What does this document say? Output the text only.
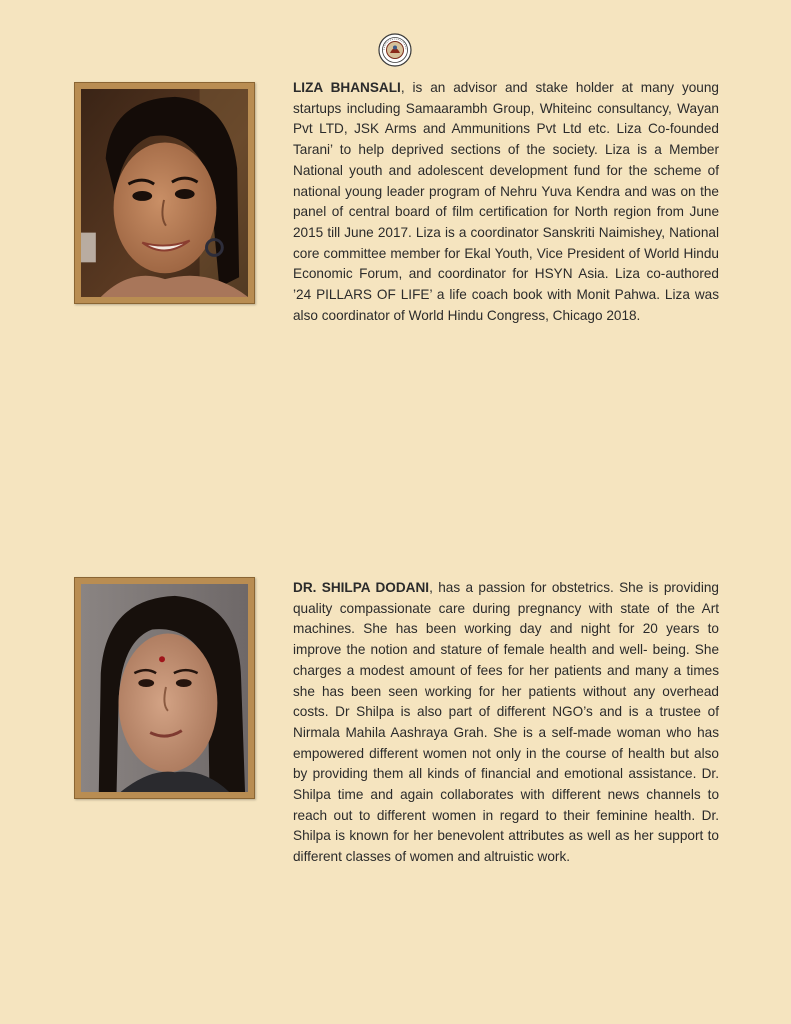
LIZA BHANSALI, is an advisor and stake holder at many young startups including Samaarambh Group, Whiteinc consultancy, Wayan Pvt LTD, JSK Arms and Ammunitions Pvt Ltd etc. Liza Co-founded Tarani’ to help deprived sections of the society. Liza is a Member National youth and adolescent development fund for the scheme of national young leader program of Nehru Yuva Kendra and was on the panel of central board of film certification for North region from June 2015 till June 2017. Liza is a coordinator Sanskriti Naimishey, National core committee member for Ekal Youth, Vice President of World Hindu Economic Forum, and coordinator for HSYN Asia. Liza co-authored ’24 PILLARS OF LIFE’ a life coach book with Monit Pahwa. Liza was also coordinator of World Hindu Congress, Chicago 2018.

DR. SHILPA DODANI, has a passion for obstetrics. She is providing quality compassionate care during pregnancy with state of the Art machines. She has been working day and night for 20 years to improve the notion and stature of female health and well- being. She charges a modest amount of fees for her patients and many a times she has been seen working for her patients without any overhead costs. Dr Shilpa is also part of different NGO’s and is a trustee of Nirmala Mahila Aashraya Grah. She is a self-made woman who has empowered different women not only in the course of health but also by providing them all kinds of financial and emotional assistance. Dr. Shilpa time and again collaborates with different news channels to reach out to different women in regard to their feminine health. Dr. Shilpa is known for her benevolent attributes as well as her support to different classes of women and altruistic work.
